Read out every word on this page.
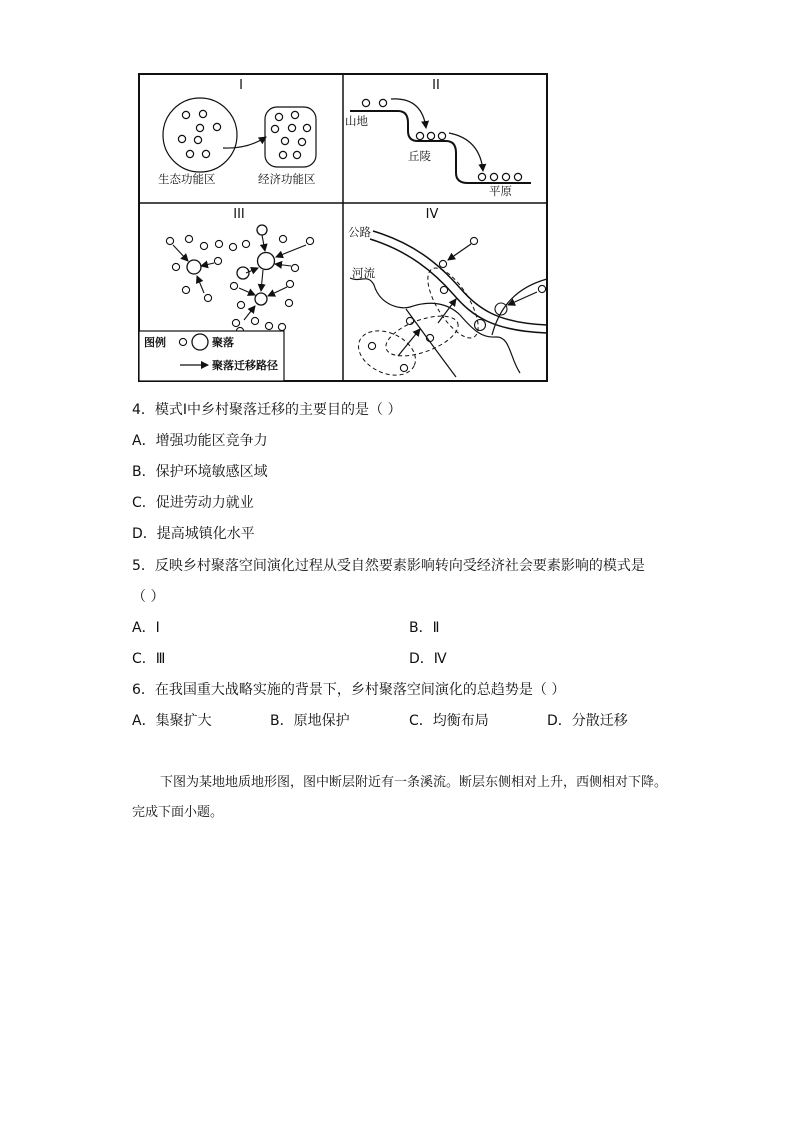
I
生态功能区	经济功能区
II
山地
丘陵
平原
III
图例	聚落
聚落迁移路径
IV
公路
河流
4．模式Ⅰ中乡村聚落迁移的主要目的是（ ）
A．增强功能区竞争力
B．保护环境敏感区域
C．促进劳动力就业
D．提高城镇化水平
5．反映乡村聚落空间演化过程从受自然要素影响转向受经济社会要素影响的模式是
（ ）
A．Ⅰ	B．Ⅱ
C．Ⅲ	D．Ⅳ
6．在我国重大战略实施的背景下，乡村聚落空间演化的总趋势是（ ）
A．集聚扩大	B．原地保护	C．均衡布局	D．分散迁移
下图为某地地质地形图，图中断层附近有一条溪流。断层东侧相对上升，西侧相对下降。完成下面小题。
